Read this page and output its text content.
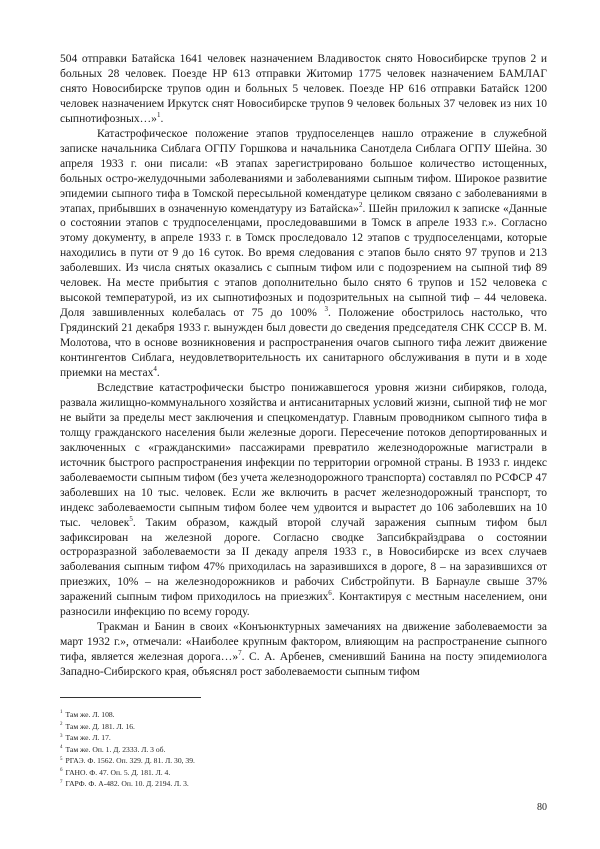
504 отправки Батайска 1641 человек назначением Владивосток снято Новосибирске трупов 2 и больных 28 человек. Поезде НР 613 отправки Житомир 1775 человек назначением БАМЛАГ снято Новосибирске трупов один и больных 5 человек. Поезде НР 616 отправки Батайск 1200 человек назначением Иркутск снят Новосибирске трупов 9 человек больных 37 человек из них 10 сыпнотифозных…»$^1$.

Катастрофическое положение этапов трудпоселенцев нашло отражение в служебной записке начальника Сиблага ОГПУ Горшкова и начальника Санотдела Сиблага ОГПУ Шейна. 30 апреля 1933 г. они писали: «В этапах зарегистрировано большое количество истощенных, больных остро-желудочными заболеваниями и заболеваниями сыпным тифом. Широкое развитие эпидемии сыпного тифа в Томской пересыльной комендатуре целиком связано с заболеваниями в этапах, прибывших в означенную комендатуру из Батайска»$^2$. Шейн приложил к записке «Данные о состоянии этапов с трудпоселенцами, проследовавшими в Томск в апреле 1933 г.». Согласно этому документу, в апреле 1933 г. в Томск проследовало 12 этапов с трудпоселенцами, которые находились в пути от 9 до 16 суток. Во время следования с этапов было снято 97 трупов и 213 заболевших. Из числа снятых оказались с сыпным тифом или с подозрением на сыпной тиф 89 человек. На месте прибытия с этапов дополнительно было снято 6 трупов и 152 человека с высокой температурой, из их сыпнотифозных и подозрительных на сыпной тиф – 44 человека. Доля завшивленных колебалась от 75 до 100% $^3$. Положение обострилось настолько, что Грядинский 21 декабря 1933 г. вынужден был довести до сведения председателя СНК СССР В. М. Молотова, что в основе возникновения и распространения очагов сыпного тифа лежит движение контингентов Сиблага, неудовлетворительность их санитарного обслуживания в пути и в ходе приемки на местах$^4$.

Вследствие катастрофически быстро понижавшегося уровня жизни сибиряков, голода, развала жилищно-коммунального хозяйства и антисанитарных условий жизни, сыпной тиф не мог не выйти за пределы мест заключения и спецкомендатур. Главным проводником сыпного тифа в толщу гражданского населения были железные дороги. Пересечение потоков депортированных и заключенных с «гражданскими» пассажирами превратило железнодорожные магистрали в источник быстрого распространения инфекции по территории огромной страны. В 1933 г. индекс заболеваемости сыпным тифом (без учета железнодорожного транспорта) составлял по РСФСР 47 заболевших на 10 тыс. человек. Если же включить в расчет железнодорожный транспорт, то индекс заболеваемости сыпным тифом более чем удвоится и вырастет до 106 заболевших на 10 тыс. человек$^5$. Таким образом, каждый второй случай заражения сыпным тифом был зафиксирован на железной дороге. Согласно сводке Запсибкрайздрава о состоянии остроразразной заболеваемости за II декаду апреля 1933 г., в Новосибирске из всех случаев заболевания сыпным тифом 47% приходилась на заразившихся в дороге, 8 – на заразившихся от приезжих, 10% – на железнодорожников и рабочих Сибстройпути. В Барнауле свыше 37% заражений сыпным тифом приходилось на приезжих$^6$. Контактируя с местным населением, они разносили инфекцию по всему городу.

Тракман и Банин в своих «Конъюнктурных замечаниях на движение заболеваемости за март 1932 г.», отмечали: «Наиболее крупным фактором, влияющим на распространение сыпного тифа, является железная дорога…»$^7$. С. А. Арбенев, сменивший Банина на посту эпидемиолога Западно-Сибирского края, объяснял рост заболеваемости сыпным тифом

$^1$ Там же. Л. 108.
$^2$ Там же. Д. 181. Л. 16.
$^3$ Там же. Л. 17.
$^4$ Там же. Оп. 1. Д. 2333. Л. 3 об.
$^5$ РГАЭ. Ф. 1562. Оп. 329. Д. 81. Л. 30, 39.
$^6$ ГАНО. Ф. 47. Оп. 5. Д. 181. Л. 4.
$^7$ ГАРФ. Ф. А-482. Оп. 10. Д. 2194. Л. 3.
80
